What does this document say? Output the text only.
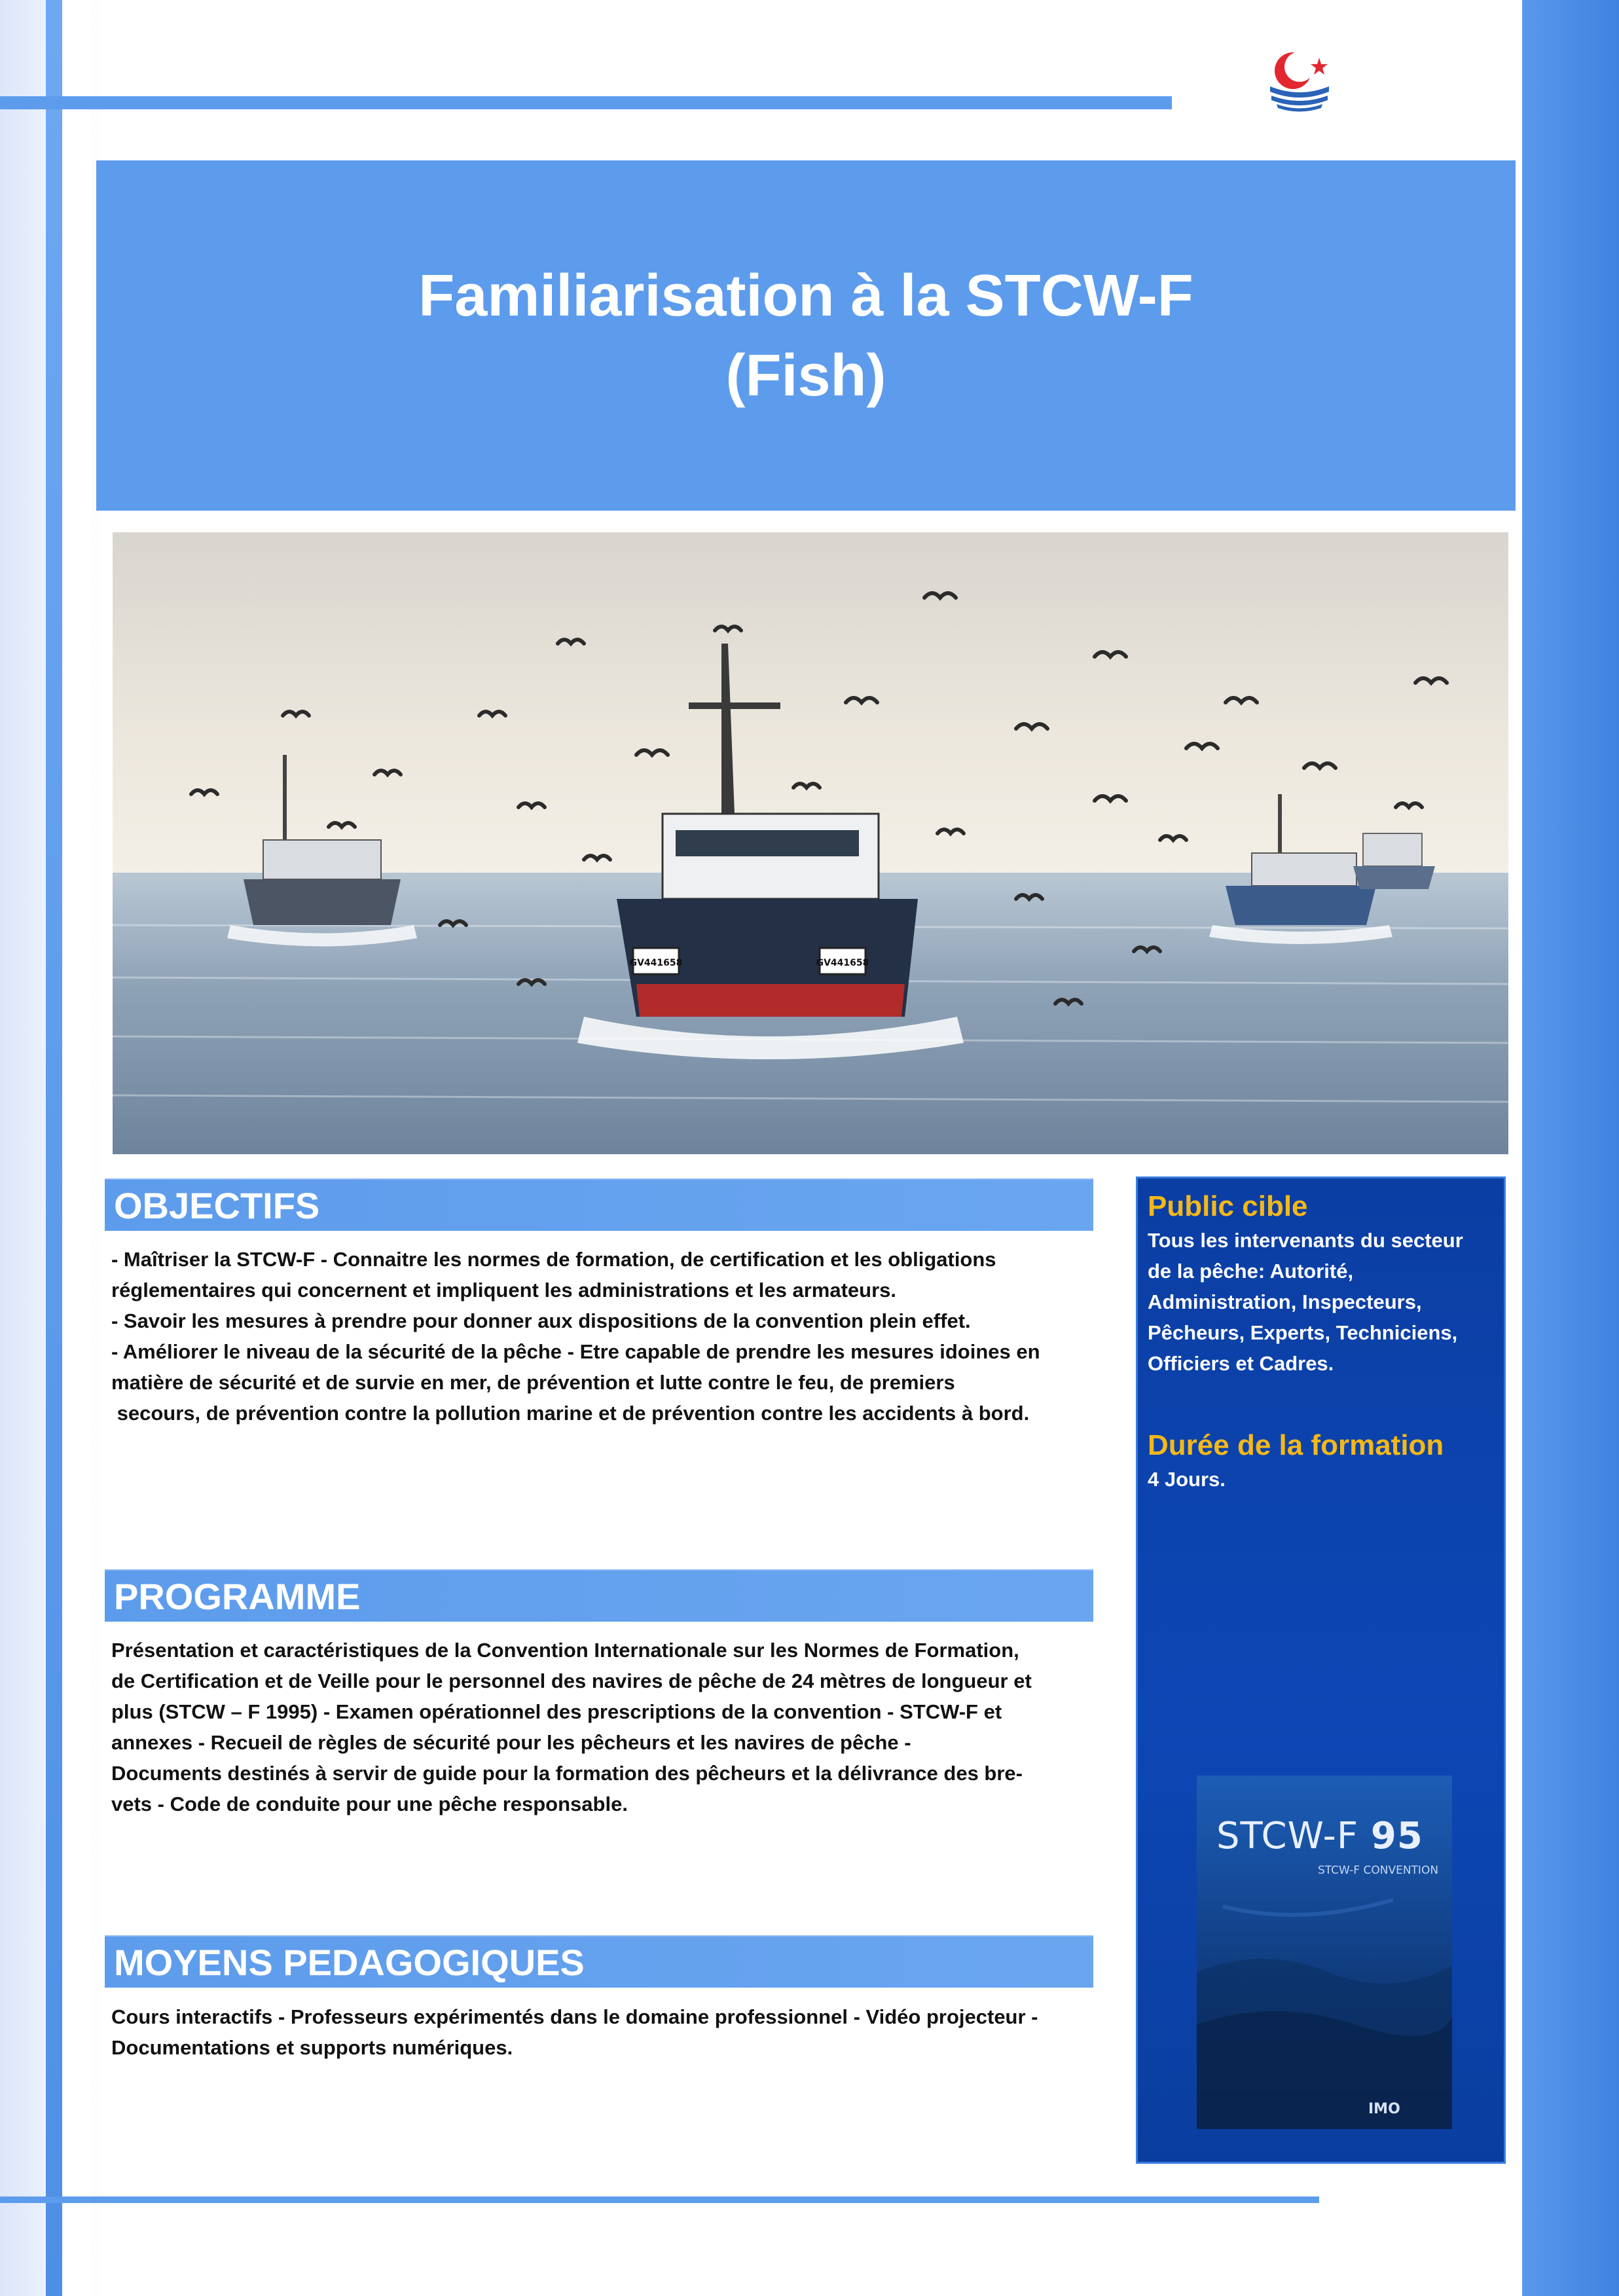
Familiarisation à la STCW-F
(Fish)
GV441658	GV441658
OBJECTIFS
- Maîtriser la STCW-F - Connaitre les normes de formation, de certification et les obligations
réglementaires qui concernent et impliquent les administrations et les armateurs.
- Savoir les mesures à prendre pour donner aux dispositions de la convention plein effet.
- Améliorer le niveau de la sécurité de la pêche - Etre capable de prendre les mesures idoines en
matière de sécurité et de survie en mer, de prévention et lutte contre le feu, de premiers
secours, de prévention contre la pollution marine et de prévention contre les accidents à bord.
PROGRAMME
Présentation et caractéristiques de la Convention Internationale sur les Normes de Formation,
de Certification et de Veille pour le personnel des navires de pêche de 24 mètres de longueur et
plus (STCW – F 1995) - Examen opérationnel des prescriptions de la convention - STCW-F et
annexes - Recueil de règles de sécurité pour les pêcheurs et les navires de pêche -
Documents destinés à servir de guide pour la formation des pêcheurs et la délivrance des bre-
vets - Code de conduite pour une pêche responsable.
MOYENS PEDAGOGIQUES
Cours interactifs - Professeurs expérimentés dans le domaine professionnel - Vidéo projecteur -
Documentations et supports numériques.
Public cible
Tous les intervenants du secteur
de la pêche: Autorité,
Administration, Inspecteurs,
Pêcheurs, Experts, Techniciens,
Officiers et Cadres.
Durée de la formation
4 Jours.
STCW-F 95
STCW-F CONVENTION
IMO
